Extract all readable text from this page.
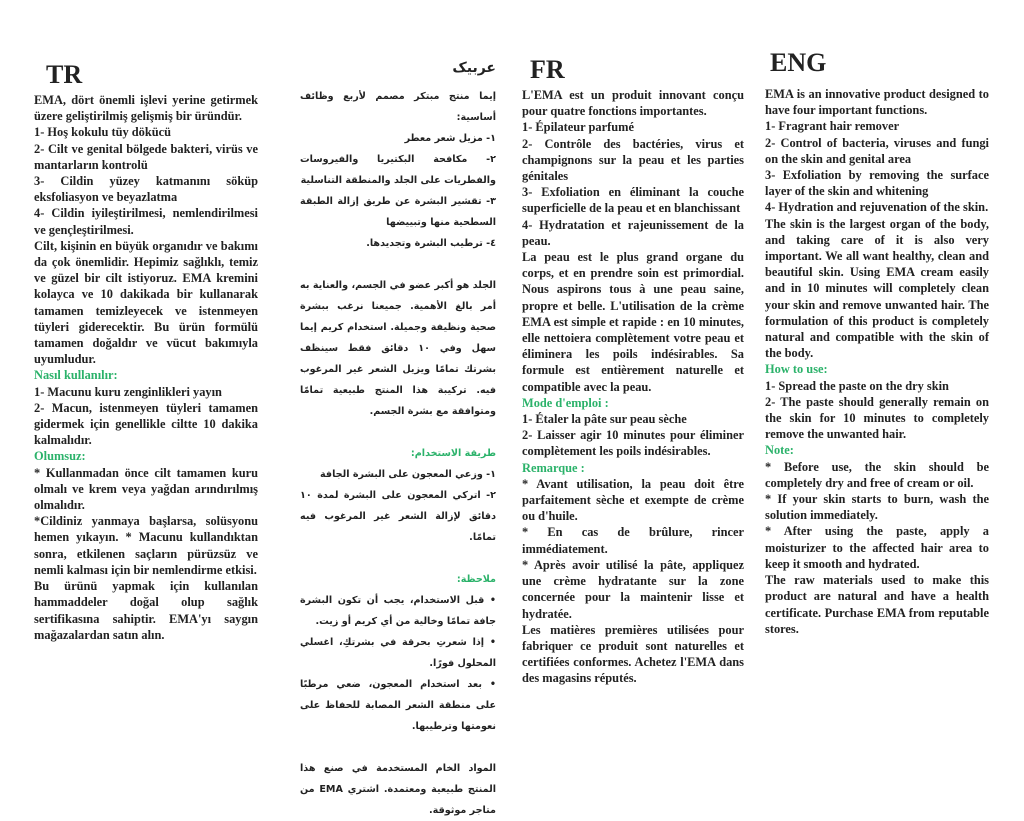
TR

EMA, dört önemli işlevi yerine getirmek üzere geliştirilmiş gelişmiş bir üründür.

1- Hoş kokulu tüy dökücü

2- Cilt ve genital bölgede bakteri, virüs ve mantarların kontrolü

3- Cildin yüzey katmanını söküp eksfoliasyon ve beyazlatma

4- Cildin iyileştirilmesi, nemlendirilmesi ve gençleştirilmesi.

Cilt, kişinin en büyük organıdır ve bakımı da çok önemlidir. Hepimiz sağlıklı, temiz ve güzel bir cilt istiyoruz. EMA kremini kolayca ve 10 dakikada bir kullanarak tamamen temizleyecek ve istenmeyen tüyleri giderecektir. Bu ürün formülü tamamen doğaldır ve vücut bakımıyla uyumludur.

Nasıl kullanılır:

1- Macunu kuru zenginlikleri yayın

2- Macun, istenmeyen tüyleri tamamen gidermek için genellikle ciltte 10 dakika kalmalıdır.

Olumsuz:

* Kullanmadan önce cilt tamamen kuru olmalı ve krem veya yağdan arındırılmış olmalıdır.

*Cildiniz yanmaya başlarsa, solüsyonu hemen yıkayın. * Macunu kullandıktan sonra, etkilenen saçların pürüzsüz ve nemli kalması için bir nemlendirme etkisi.

Bu ürünü yapmak için kullanılan hammaddeler doğal olup sağlık sertifikasına sahiptir. EMA'yı saygın mağazalardan satın alın.

عربیک

إيما منتج مبتكر مصمم لأربع وظائف أساسية:

١- مزيل شعر معطر

٢- مكافحة البكتيريا والفيروسات والفطريات على الجلد والمنطقة التناسلية

٣- تقشير البشرة عن طريق إزالة الطبقة السطحية منها وتبييضها

٤- ترطيب البشرة وتجديدها.

الجلد هو أكبر عضو في الجسم، والعناية به أمر بالغ الأهمية. جميعنا نرغب ببشرة صحية ونظيفة وجميلة. استخدام كريم إيما سهل وفي ١٠ دقائق فقط سينظف بشرتك تمامًا ويزيل الشعر غير المرغوب فيه. تركيبة هذا المنتج طبيعية تمامًا ومتوافقة مع بشرة الجسم.

طريقة الاستخدام:

١- وزعي المعجون على البشرة الجافة

٢- اتركي المعجون على البشرة لمدة ١٠ دقائق لإزالة الشعر غير المرغوب فيه تمامًا.

ملاحظة:

• قبل الاستخدام، يجب أن تكون البشرة جافة تمامًا وخالية من أي كريم أو زيت.

• إذا شعرتِ بحرقة في بشرتكِ، اغسلي المحلول فورًا.

• بعد استخدام المعجون، ضعي مرطبًا على منطقة الشعر المصابة للحفاظ على نعومتها وترطيبها.

المواد الخام المستخدمة في صنع هذا المنتج طبيعية ومعتمدة. اشتري EMA من متاجر موثوقة.

FR

L'EMA est un produit innovant conçu pour quatre fonctions importantes.

1- Épilateur parfumé

2- Contrôle des bactéries, virus et champignons sur la peau et les parties génitales

3- Exfoliation en éliminant la couche superficielle de la peau et en blanchissant

4- Hydratation et rajeunissement de la peau.

La peau est le plus grand organe du corps, et en prendre soin est primordial. Nous aspirons tous à une peau saine, propre et belle. L'utilisation de la crème EMA est simple et rapide : en 10 minutes, elle nettoiera complètement votre peau et éliminera les poils indésirables. Sa formule est entièrement naturelle et compatible avec la peau.

Mode d'emploi :

1- Étaler la pâte sur peau sèche

2- Laisser agir 10 minutes pour éliminer complètement les poils indésirables.

Remarque :

* Avant utilisation, la peau doit être parfaitement sèche et exempte de crème ou d'huile.

* En cas de brûlure, rincer immédiatement.

* Après avoir utilisé la pâte, appliquez une crème hydratante sur la zone concernée pour la maintenir lisse et hydratée.

Les matières premières utilisées pour fabriquer ce produit sont naturelles et certifiées conformes. Achetez l'EMA dans des magasins réputés.

ENG

EMA is an innovative product designed to have four important functions.

1- Fragrant hair remover

2- Control of bacteria, viruses and fungi on the skin and genital area

3- Exfoliation by removing the surface layer of the skin and whitening

4- Hydration and rejuvenation of the skin.

The skin is the largest organ of the body, and taking care of it is also very important. We all want healthy, clean and beautiful skin. Using EMA cream easily and in 10 minutes will completely clean your skin and remove unwanted hair. The formulation of this product is completely natural and compatible with the skin of the body.

How to use:

1- Spread the paste on the dry skin

2- The paste should generally remain on the skin for 10 minutes to completely remove the unwanted hair.

Note:

* Before use, the skin should be completely dry and free of cream or oil.

* If your skin starts to burn, wash the solution immediately.

* After using the paste, apply a moisturizer to the affected hair area to keep it smooth and hydrated.

The raw materials used to make this product are natural and have a health certificate. Purchase EMA from reputable stores.
